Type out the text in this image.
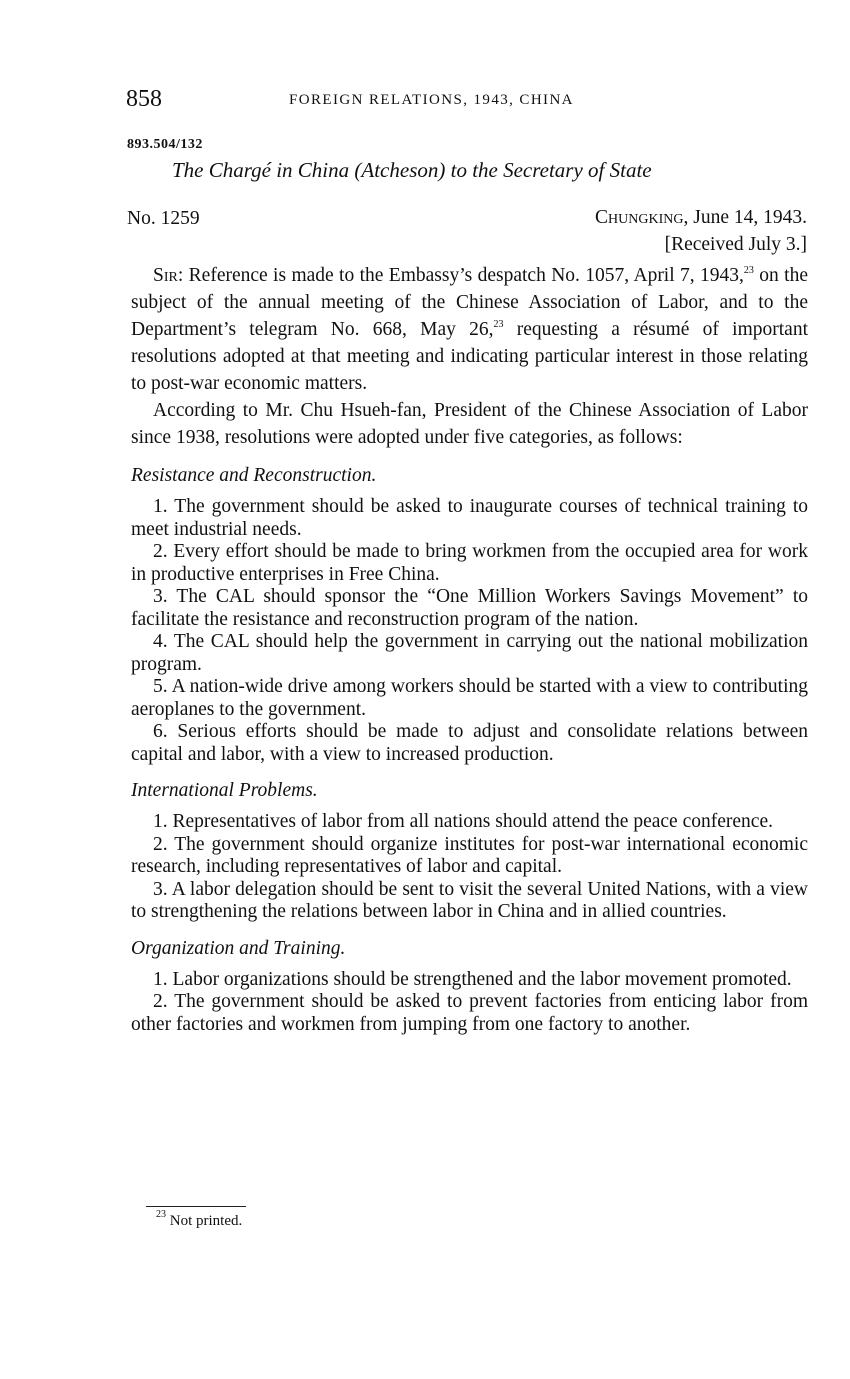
858	FOREIGN RELATIONS, 1943, CHINA
893.504/132
The Chargé in China (Atcheson) to the Secretary of State
No. 1259	Chungking, June 14, 1943.
[Received July 3.]

Sir: Reference is made to the Embassy’s despatch No. 1057, April 7, 1943,23 on the subject of the annual meeting of the Chinese Association of Labor, and to the Department’s telegram No. 668, May 26,23 requesting a résumé of important resolutions adopted at that meeting and indicating particular interest in those relating to post-war economic matters.

According to Mr. Chu Hsueh-fan, President of the Chinese Association of Labor since 1938, resolutions were adopted under five categories, as follows:

Resistance and Reconstruction.

1. The government should be asked to inaugurate courses of technical training to meet industrial needs.

2. Every effort should be made to bring workmen from the occupied area for work in productive enterprises in Free China.

3. The CAL should sponsor the “One Million Workers Savings Movement” to facilitate the resistance and reconstruction program of the nation.

4. The CAL should help the government in carrying out the national mobilization program.

5. A nation-wide drive among workers should be started with a view to contributing aeroplanes to the government.

6. Serious efforts should be made to adjust and consolidate relations between capital and labor, with a view to increased production.

International Problems.

1. Representatives of labor from all nations should attend the peace conference.

2. The government should organize institutes for post-war international economic research, including representatives of labor and capital.

3. A labor delegation should be sent to visit the several United Nations, with a view to strengthening the relations between labor in China and in allied countries.

Organization and Training.

1. Labor organizations should be strengthened and the labor movement promoted.

2. The government should be asked to prevent factories from enticing labor from other factories and workmen from jumping from one factory to another.

$^{23}$ Not printed.
